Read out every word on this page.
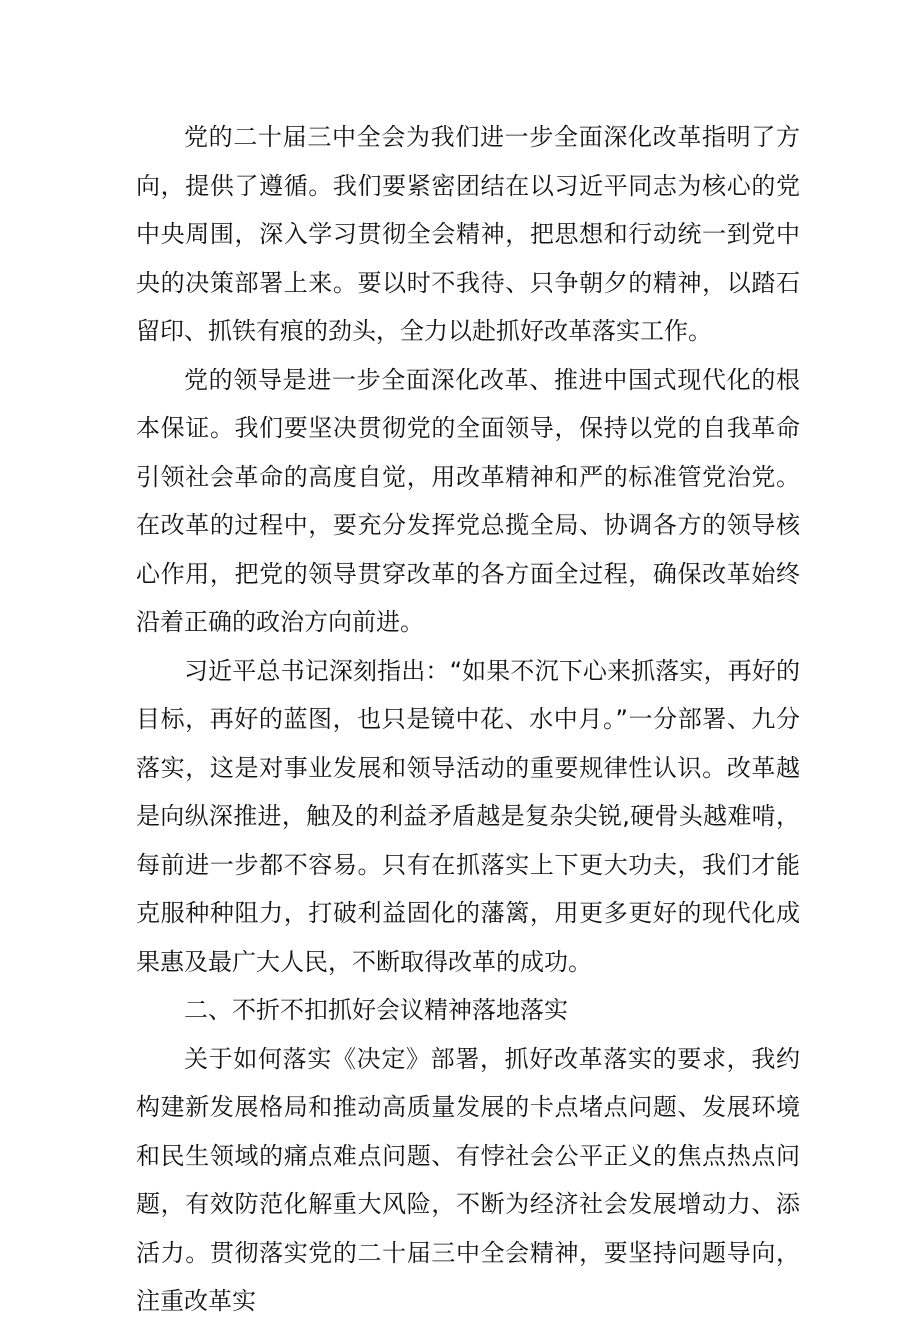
党的二十届三中全会为我们进一步全面深化改革指明了方向，提供了遵循。我们要紧密团结在以习近平同志为核心的党中央周围，深入学习贯彻全会精神，把思想和行动统一到党中央的决策部署上来。要以时不我待、只争朝夕的精神，以踏石留印、抓铁有痕的劲头，全力以赴抓好改革落实工作。

党的领导是进一步全面深化改革、推进中国式现代化的根本保证。我们要坚决贯彻党的全面领导，保持以党的自我革命引领社会革命的高度自觉，用改革精神和严的标准管党治党。在改革的过程中，要充分发挥党总揽全局、协调各方的领导核心作用，把党的领导贯穿改革的各方面全过程，确保改革始终沿着正确的政治方向前进。

习近平总书记深刻指出：“如果不沉下心来抓落实，再好的目标，再好的蓝图，也只是镜中花、水中月。”一分部署、九分落实，这是对事业发展和领导活动的重要规律性认识。改革越是向纵深推进，触及的利益矛盾越是复杂尖锐,硬骨头越难啃，每前进一步都不容易。只有在抓落实上下更大功夫，我们才能克服种种阻力，打破利益固化的藩篱，用更多更好的现代化成果惠及最广大人民，不断取得改革的成功。

二、不折不扣抓好会议精神落地落实

关于如何落实《决定》部署，抓好改革落实的要求，我约构建新发展格局和推动高质量发展的卡点堵点问题、发展环境和民生领域的痛点难点问题、有悖社会公平正义的焦点热点问题，有效防范化解重大风险，不断为经济社会发展增动力、添活力。贯彻落实党的二十届三中全会精神，要坚持问题导向，注重改革实
